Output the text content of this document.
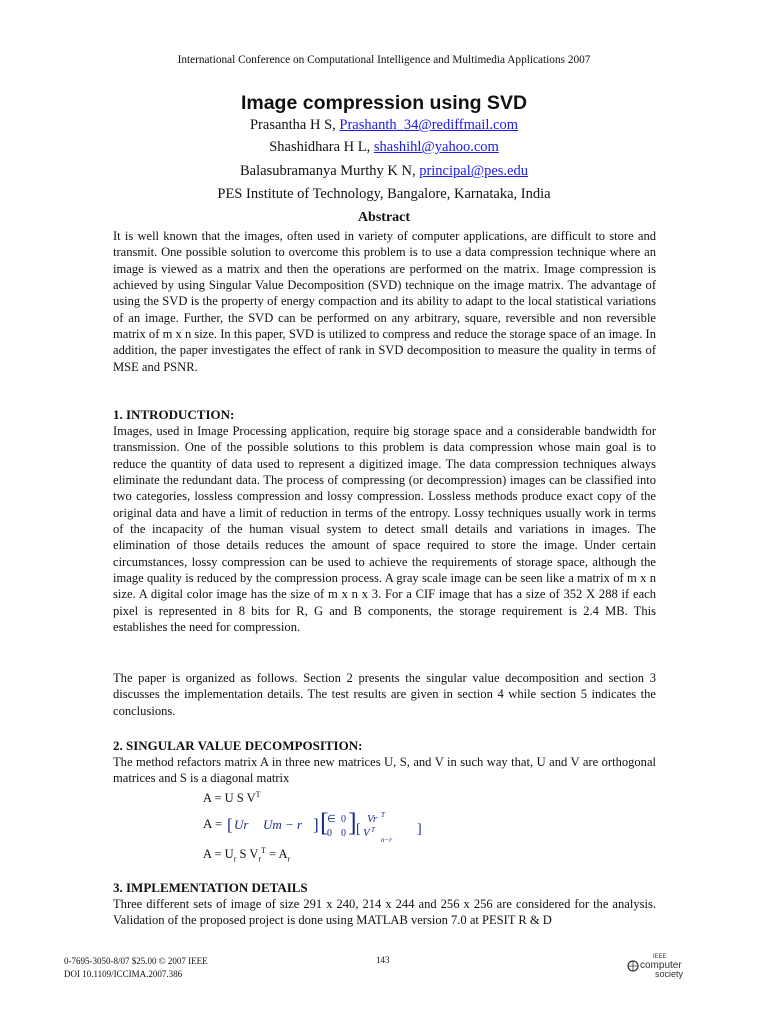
International Conference on Computational Intelligence and Multimedia Applications 2007
Image compression using SVD
Prasantha H S, Prashanth_34@rediffmail.com
Shashidhara H L, shashihl@yahoo.com
Balasubramanya Murthy K N, principal@pes.edu
PES Institute of Technology, Bangalore, Karnataka, India
Abstract
It is well known that the images, often used in variety of computer applications, are difficult to store and transmit. One possible solution to overcome this problem is to use a data compression technique where an image is viewed as a matrix and then the operations are performed on the matrix. Image compression is achieved by using Singular Value Decomposition (SVD) technique on the image matrix. The advantage of using the SVD is the property of energy compaction and its ability to adapt to the local statistical variations of an image. Further, the SVD can be performed on any arbitrary, square, reversible and non reversible matrix of m x n size. In this paper, SVD is utilized to compress and reduce the storage space of an image. In addition, the paper investigates the effect of rank in SVD decomposition to measure the quality in terms of MSE and PSNR.
1. INTRODUCTION:
Images, used in Image Processing application, require big storage space and a considerable bandwidth for transmission. One of the possible solutions to this problem is data compression whose main goal is to reduce the quantity of data used to represent a digitized image. The data compression techniques always eliminate the redundant data. The process of compressing (or decompression) images can be classified into two categories, lossless compression and lossy compression. Lossless methods produce exact copy of the original data and have a limit of reduction in terms of the entropy. Lossy techniques usually work in terms of the incapacity of the human visual system to detect small details and variations in images. The elimination of those details reduces the amount of space required to store the image. Under certain circumstances, lossy compression can be used to achieve the requirements of storage space, although the image quality is reduced by the compression process. A gray scale image can be seen like a matrix of m x n size. A digital color image has the size of m x n x 3. For a CIF image that has a size of 352 X 288 if each pixel is represented in 8 bits for R, G and B components, the storage requirement is 2.4 MB. This establishes the need for compression.
The paper is organized as follows. Section 2 presents the singular value decomposition and section 3 discusses the implementation details. The test results are given in section 4 while section 5 indicates the conclusions.
2. SINGULAR VALUE DECOMPOSITION:
The method refactors matrix A in three new matrices U, S, and V in such way that, U and V are orthogonal matrices and S is a diagonal matrix
A = U S $V^T$
A = [ Ur Um − r ] [
∈ 0
0 0 ] [
Vr T
V T
n−r
]
$A = U_r$ S $V_r^T = A_r$
3. IMPLEMENTATION DETAILS
Three different sets of image of size 291 x 240, 214 x 244 and 256 x 256 are considered for the analysis. Validation of the proposed project is done using MATLAB version 7.0 at PESIT R & D
0-7695-3050-8/07 $25.00 © 2007 IEEE
DOI 10.1109/ICCIMA.2007.386
143	IEEE
computer
society
